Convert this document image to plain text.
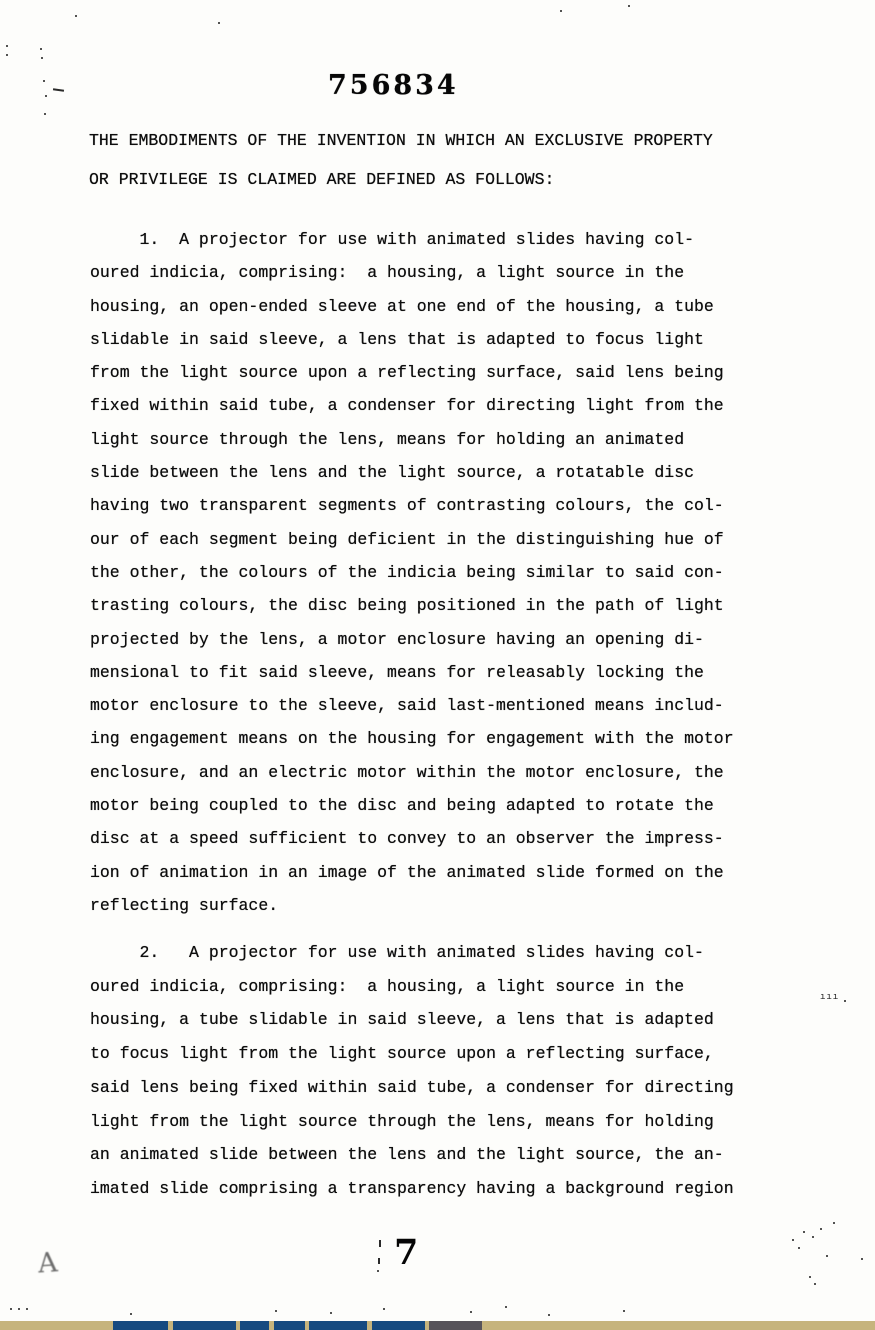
756834
THE EMBODIMENTS OF THE INVENTION IN WHICH AN EXCLUSIVE PROPERTY
OR PRIVILEGE IS CLAIMED ARE DEFINED AS FOLLOWS:
1.  A projector for use with animated slides having col-
oured indicia, comprising:  a housing, a light source in the
housing, an open-ended sleeve at one end of the housing, a tube
slidable in said sleeve, a lens that is adapted to focus light
from the light source upon a reflecting surface, said lens being
fixed within said tube, a condenser for directing light from the
light source through the lens, means for holding an animated
slide between the lens and the light source, a rotatable disc
having two transparent segments of contrasting colours, the col-
our of each segment being deficient in the distinguishing hue of
the other, the colours of the indicia being similar to said con-
trasting colours, the disc being positioned in the path of light
projected by the lens, a motor enclosure having an opening di-
mensional to fit said sleeve, means for releasably locking the
motor enclosure to the sleeve, said last-mentioned means includ-
ing engagement means on the housing for engagement with the motor
enclosure, and an electric motor within the motor enclosure, the
motor being coupled to the disc and being adapted to rotate the
disc at a speed sufficient to convey to an observer the impress-
ion of animation in an image of the animated slide formed on the
reflecting surface.
2.   A projector for use with animated slides having col-
oured indicia, comprising:  a housing, a light source in the
housing, a tube slidable in said sleeve, a lens that is adapted
to focus light from the light source upon a reflecting surface,
said lens being fixed within said tube, a condenser for directing
light from the light source through the lens, means for holding
an animated slide between the lens and the light source, the an-
imated slide comprising a transparency having a background region
7
A
ııı
